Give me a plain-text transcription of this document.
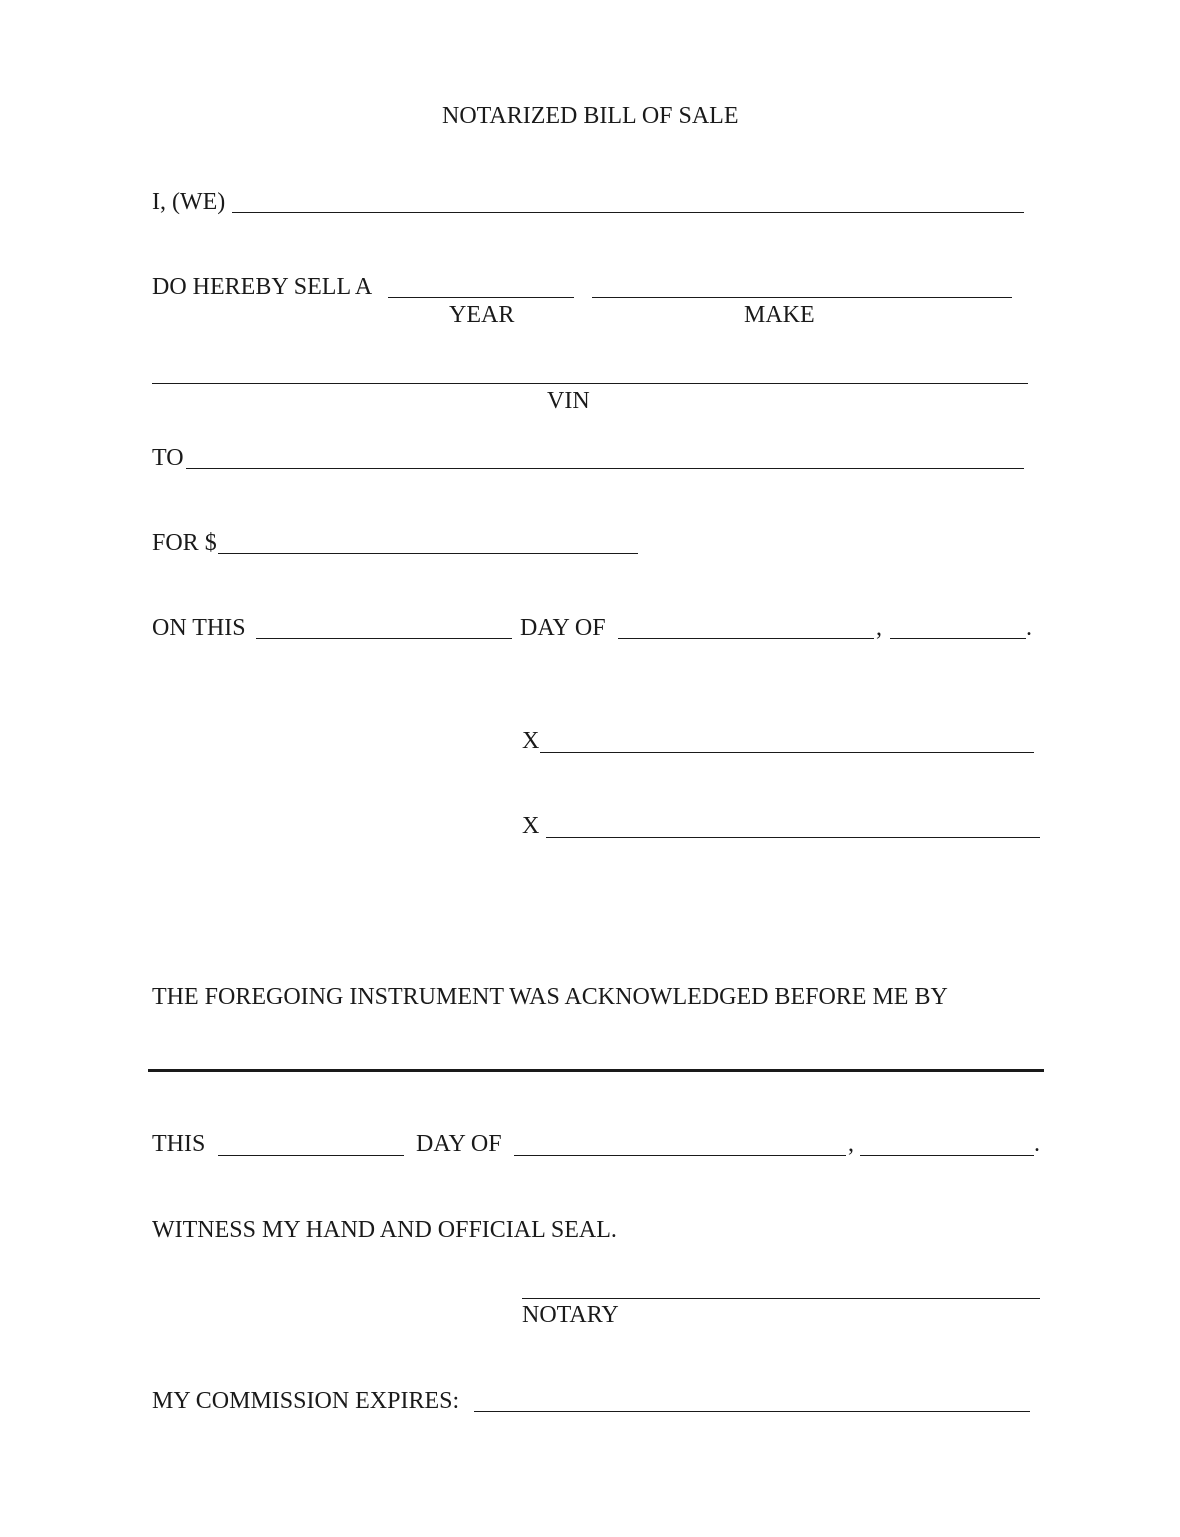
NOTARIZED BILL OF SALE
I, (WE)
DO HEREBY SELL A
YEAR	MAKE
VIN
TO
FOR $
ON THIS	DAY OF	,	.
X
X
THE FOREGOING INSTRUMENT WAS ACKNOWLEDGED BEFORE ME BY
THIS	DAY OF	,	.
WITNESS MY HAND AND OFFICIAL SEAL.
NOTARY
MY COMMISSION EXPIRES:
